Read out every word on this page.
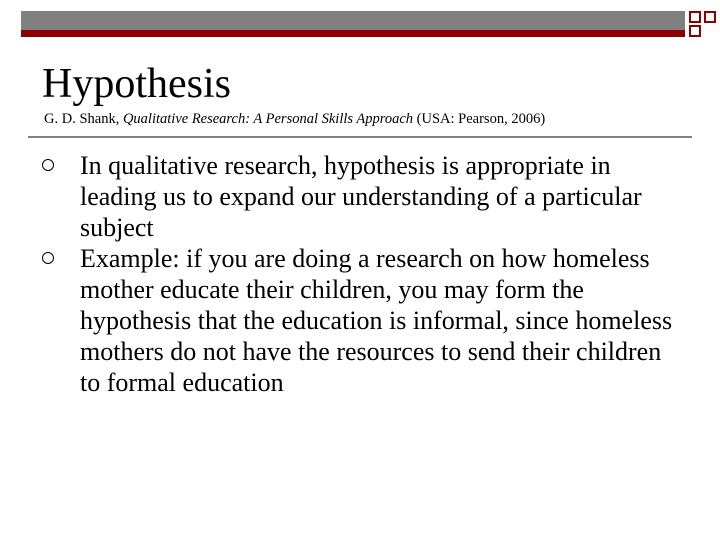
Hypothesis
G. D. Shank, Qualitative Research: A Personal Skills Approach (USA: Pearson, 2006)
In qualitative research, hypothesis is appropriate in leading us to expand our understanding of a particular subject
Example: if you are doing a research on how homeless mother educate their children, you may form the hypothesis that the education is informal, since homeless mothers do not have the resources to send their children to formal education
